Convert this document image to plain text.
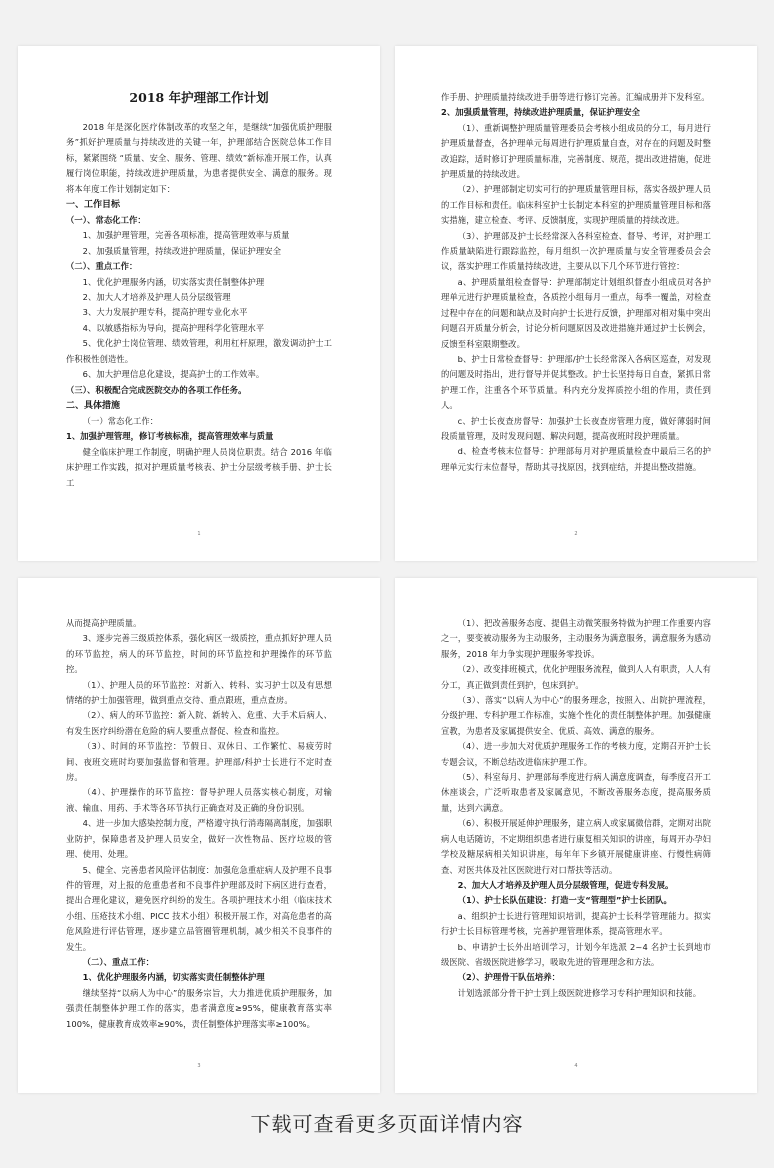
2018 年护理部工作计划

2018 年是深化医疗体制改革的攻坚之年，是继续“加强优质护理服务”抓好护理质量与持续改进的关键一年，护理部结合医院总体工作目标，紧紧围绕 “质量、安全、服务、管理、绩效”新标准开展工作，认真履行岗位职能，持续改进护理质量，为患者提供安全、满意的服务。现将本年度工作计划制定如下：

一、工作目标

（一）、常态化工作：

1、加强护理管理，完善各项标准，提高管理效率与质量

2、加强质量管理，持续改进护理质量，保证护理安全

（二）、重点工作：

1、优化护理服务内涵，切实落实责任制整体护理

2、加大人才培养及护理人员分层级管理

3、大力发展护理专科，提高护理专业化水平

4、以敏感指标为导向，提高护理科学化管理水平

5、优化护士岗位管理、绩效管理，利用杠杆原理，激发调动护士工作积极性创造性。

6、加大护理信息化建设，提高护士的工作效率。

（三）、积极配合完成医院交办的各项工作任务。

二、具体措施

（一）常态化工作：

1、加强护理管理，修订考核标准，提高管理效率与质量

健全临床护理工作制度，明确护理人员岗位职责。结合 2016 年临床护理工作实践，拟对护理质量考核表、护士分层级考核手册、护士长工

1

作手册、护理质量持续改进手册等进行修订完善。汇编成册并下发科室。

2、加强质量管理，持续改进护理质量，保证护理安全

（1）、重新调整护理质量管理委员会考核小组成员的分工，每月进行护理质量督查，各护理单元每周进行护理质量自查，对存在的问题及时整改追踪，适时修订护理质量标准，完善制度、规范，提出改进措施，促进护理质量的持续改进。

（2）、护理部制定切实可行的护理质量管理目标，落实各级护理人员的工作目标和责任。临床科室护士长制定本科室的护理质量管理目标和落实措施，建立检查、考评、反馈制度，实现护理质量的持续改进。

（3）、护理部及护士长经常深入各科室检查、督导、考评，对护理工作质量缺陷进行跟踪监控，每月组织一次护理质量与安全管理委员会会议，落实护理工作质量持续改进，主要从以下几个环节进行管控：

a、护理质量组检查督导：护理部制定计划组织督查小组成员对各护理单元进行护理质量检查，各质控小组每月一重点，每季一覆盖，对检查过程中存在的问题和缺点及时向护士长进行反馈，护理部对相对集中突出问题召开质量分析会，讨论分析问题原因及改进措施并通过护士长例会，反馈至科室限期整改。

b、护士日常检查督导：护理部/护士长经常深入各病区巡查，对发现的问题及时指出，进行督导并促其整改。护士长坚持每日自查，紧抓日常护理工作，注重各个环节质量。科内充分发挥质控小组的作用，责任到人。

c、护士长夜查房督导：加强护士长夜查房管理力度，做好薄弱时间段质量管理，及时发现问题、解决问题，提高夜班时段护理质量。

d、检查考核末位督导：护理部每月对护理质量检查中最后三名的护理单元实行末位督导，帮助其寻找原因，找到症结，并提出整改措施。

2

从而提高护理质量。

3、逐步完善三级质控体系，强化病区一级质控，重点抓好护理人员的环节监控，病人的环节监控，时间的环节监控和护理操作的环节监控。

（1）、护理人员的环节监控：对新入、转科、实习护士以及有思想情绪的护士加强管理，做到重点交待、重点跟班，重点查房。

（2）、病人的环节监控：新入院、新转入、危重、大手术后病人、有发生医疗纠纷潜在危险的病人要重点督促、检查和监控。

（3）、时间的环节监控：节假日、双休日、工作繁忙、易疲劳时间、夜班交班时均要加强监督和管理。护理部/科护士长进行不定时查房。

（4）、护理操作的环节监控：督导护理人员落实核心制度，对输液、输血、用药、手术等各环节执行正确查对及正确的身份识别。

4、进一步加大感染控制力度，严格遵守执行消毒隔离制度，加强职业防护，保障患者及护理人员安全，做好一次性物品、医疗垃圾的管理、使用、处理。

5、健全、完善患者风险评估制度：加强危急重症病人及护理不良事件的管理，对上报的危重患者和不良事件护理部及时下病区进行查看，提出合理化建议，避免医疗纠纷的发生。各项护理技术小组（临床技术小组、压疮技术小组、PICC 技术小组）积极开展工作，对高危患者的高危风险进行评估管理，逐步建立品管圈管理机制，减少相关不良事件的发生。

（二）、重点工作：

1、优化护理服务内涵，切实落实责任制整体护理

继续坚持“以病人为中心”的服务宗旨，大力推进优质护理服务，加强责任制整体护理工作的落实，患者满意度≥95%，健康教育落实率100%，健康教育成效率≥90%，责任制整体护理落实率≥100%。

3

（1）、把改善服务态度、提倡主动微笑服务特做为护理工作重要内容之一，要变被动服务为主动服务，主动服务为满意服务，满意服务为感动服务，2018 年力争实现护理服务零投诉。

（2）、改变排班模式，优化护理服务流程，做到人人有职责，人人有分工，真正做到责任到护，包床到护。

（3）、落实“以病人为中心”的服务理念，按照入、出院护理流程，分级护理、专科护理工作标准，实施个性化的责任制整体护理。加强健康宣教，为患者及家属提供安全、优质、高效、满意的服务。

（4）、进一步加大对优质护理服务工作的考核力度，定期召开护士长专题会议，不断总结改进临床护理工作。

（5）、科室每月、护理部每季度进行病人满意度调查，每季度召开工休座谈会，广泛听取患者及家属意见，不断改善服务态度，提高服务质量，达到六满意。

（6）、积极开展延伸护理服务，建立病人或家属微信群，定期对出院病人电话随访，不定期组织患者进行康复相关知识的讲座，每周开办孕妇学校及糖尿病相关知识讲座，每年年下乡镇开展健康讲座、行慢性病筛查、对医共体及社区医院进行对口帮扶等活动。

2、加大人才培养及护理人员分层级管理，促进专科发展。

（1）、护士长队伍建设：打造一支“管理型”护士长团队。

a、组织护士长进行管理知识培训，提高护士长科学管理能力。拟实行护士长目标管理考核，完善护理管理体系，提高管理水平。

b、申请护士长外出培训学习，计划今年选派 2~4 名护士长到地市级医院、省级医院进修学习，吸取先进的管理理念和方法。

（2）、护理骨干队伍培养：

计划选派部分骨干护士到上级医院进修学习专科护理知识和技能。

4
下载可查看更多页面详情内容
